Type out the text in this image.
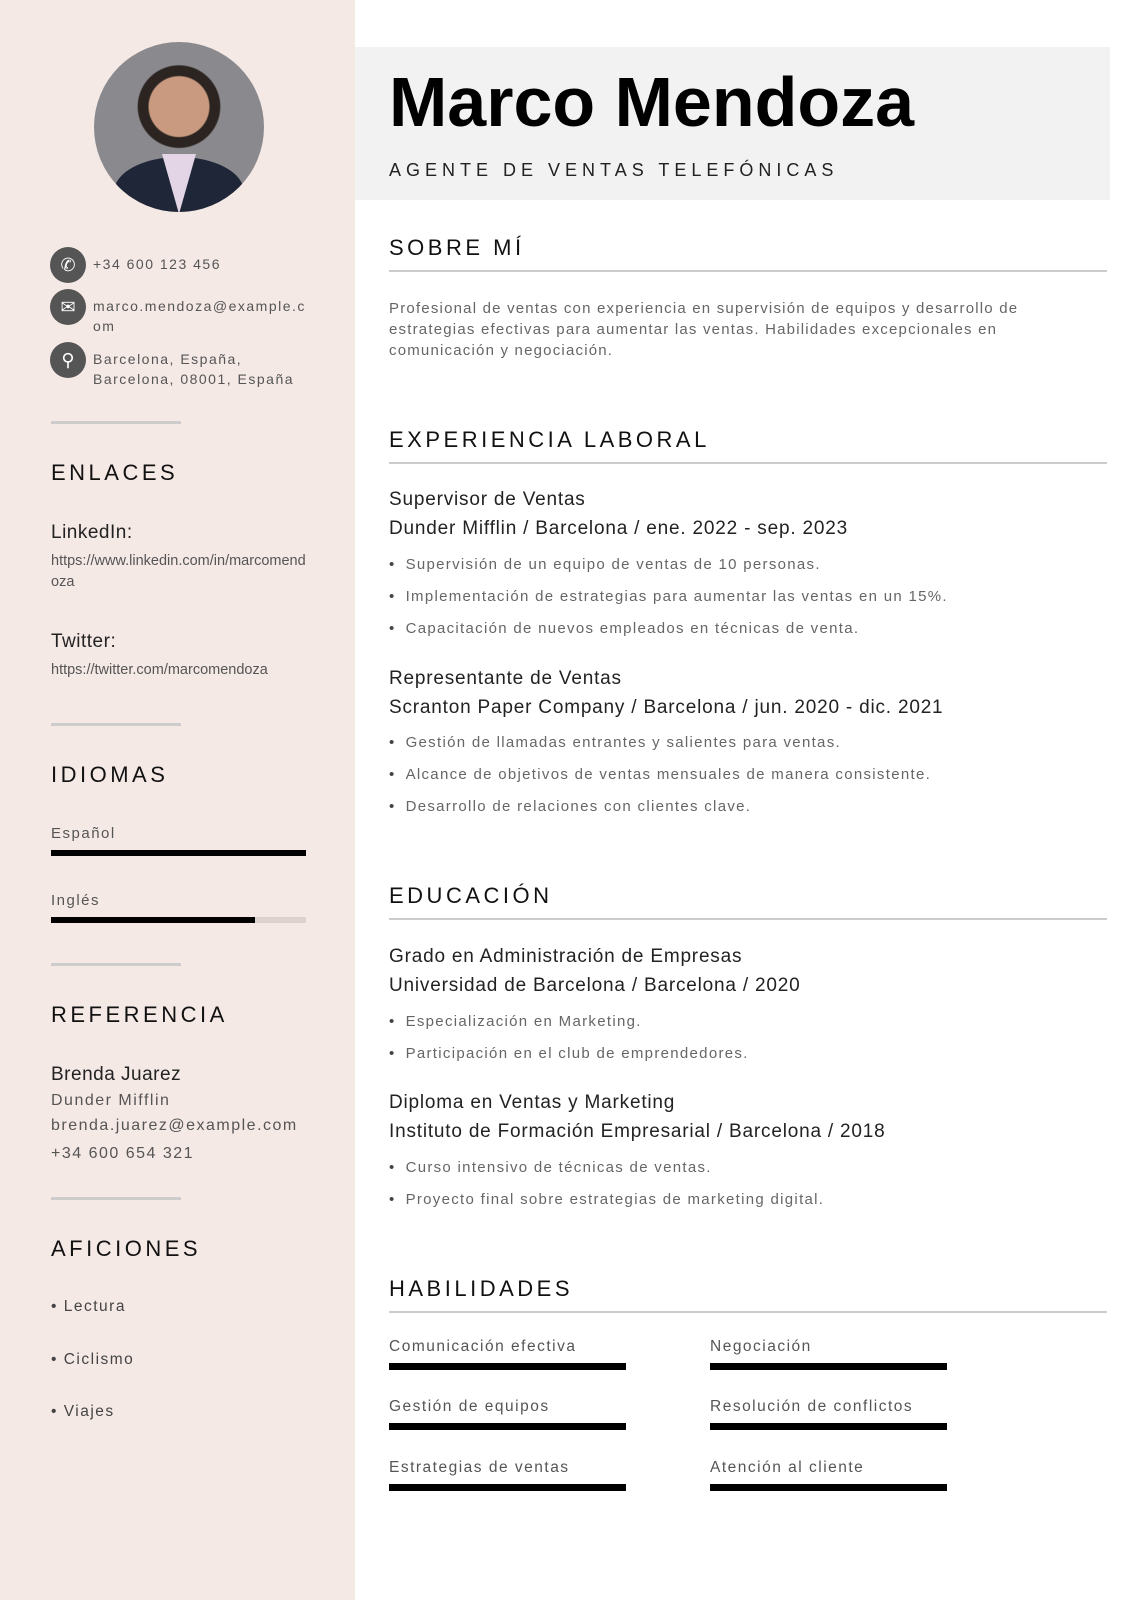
✆	+34 600 123 456
✉	marco.mendoza@example.com
⚲	Barcelona, España, Barcelona, 08001, España
ENLACES
LinkedIn:
https://www.linkedin.com/in/marcomendoza
Twitter:
https://twitter.com/marcomendoza
IDIOMAS
Español
Inglés
REFERENCIA
Brenda Juarez
Dunder Mifflin
brenda.juarez@example.com
+34 600 654 321
AFICIONES
• Lectura
• Ciclismo
• Viajes
Marco Mendoza
AGENTE DE VENTAS TELEFÓNICAS
SOBRE MÍ
Profesional de ventas con experiencia en supervisión de equipos y desarrollo de estrategias efectivas para aumentar las ventas. Habilidades excepcionales en comunicación y negociación.
EXPERIENCIA LABORAL
Supervisor de Ventas
Dunder Mifflin / Barcelona / ene. 2022 - sep. 2023
• Supervisión de un equipo de ventas de 10 personas.
• Implementación de estrategias para aumentar las ventas en un 15%.
• Capacitación de nuevos empleados en técnicas de venta.
Representante de Ventas
Scranton Paper Company / Barcelona / jun. 2020 - dic. 2021
• Gestión de llamadas entrantes y salientes para ventas.
• Alcance de objetivos de ventas mensuales de manera consistente.
• Desarrollo de relaciones con clientes clave.
EDUCACIÓN
Grado en Administración de Empresas
Universidad de Barcelona / Barcelona / 2020
• Especialización en Marketing.
• Participación en el club de emprendedores.
Diploma en Ventas y Marketing
Instituto de Formación Empresarial / Barcelona / 2018
• Curso intensivo de técnicas de ventas.
• Proyecto final sobre estrategias de marketing digital.
HABILIDADES
Comunicación efectiva	Negociación
Gestión de equipos	Resolución de conflictos
Estrategias de ventas	Atención al cliente
